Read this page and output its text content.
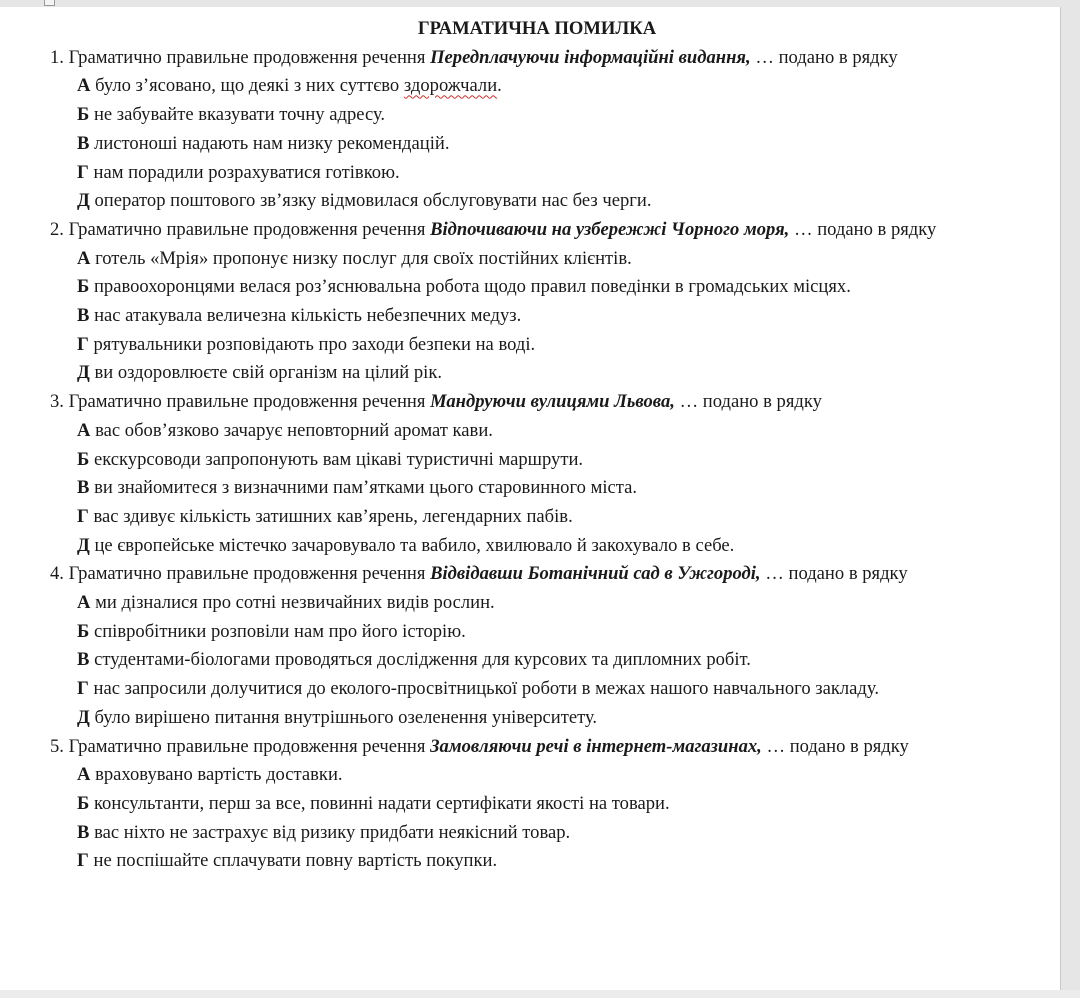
ГРАМАТИЧНА ПОМИЛКА
1. Граматично правильне продовження речення Передплачуючи інформаційні видання, … подано в рядку
А було з’ясовано, що деякі з них суттєво здорожчали.
Б не забувайте вказувати точну адресу.
В листоноші надають нам низку рекомендацій.
Г нам порадили розрахуватися готівкою.
Д оператор поштового зв’язку відмовилася обслуговувати нас без черги.
2. Граматично правильне продовження речення Відпочиваючи на узбережжі Чорного моря, … подано в рядку
А готель «Мрія» пропонує низку послуг для своїх постійних клієнтів.
Б правоохоронцями велася роз’яснювальна робота щодо правил поведінки в громадських місцях.
В нас атакувала величезна кількість небезпечних медуз.
Г рятувальники розповідають про заходи безпеки на воді.
Д ви оздоровлюєте свій організм на цілий рік.
3. Граматично правильне продовження речення Мандруючи вулицями Львова, … подано в рядку
А вас обов’язково зачарує неповторний аромат кави.
Б екскурсоводи запропонують вам цікаві туристичні маршрути.
В ви знайомитеся з визначними пам’ятками цього старовинного міста.
Г вас здивує кількість затишних кав’ярень, легендарних пабів.
Д це європейське містечко зачаровувало та вабило, хвилювало й закохувало в себе.
4. Граматично правильне продовження речення Відвідавши Ботанічний сад в Ужгороді, … подано в рядку
А ми дізналися про сотні незвичайних видів рослин.
Б співробітники розповіли нам про його історію.
В студентами-біологами проводяться дослідження для курсових та дипломних робіт.
Г нас запросили долучитися до еколого-просвітницької роботи в межах нашого навчального закладу.
Д було вирішено питання внутрішнього озеленення університету.
5. Граматично правильне продовження речення Замовляючи речі в інтернет-магазинах, … подано в рядку
А враховувано вартість доставки.
Б консультанти, перш за все, повинні надати сертифікати якості на товари.
В вас ніхто не застрахує від ризику придбати неякісний товар.
Г не поспішайте сплачувати повну вартість покупки.
